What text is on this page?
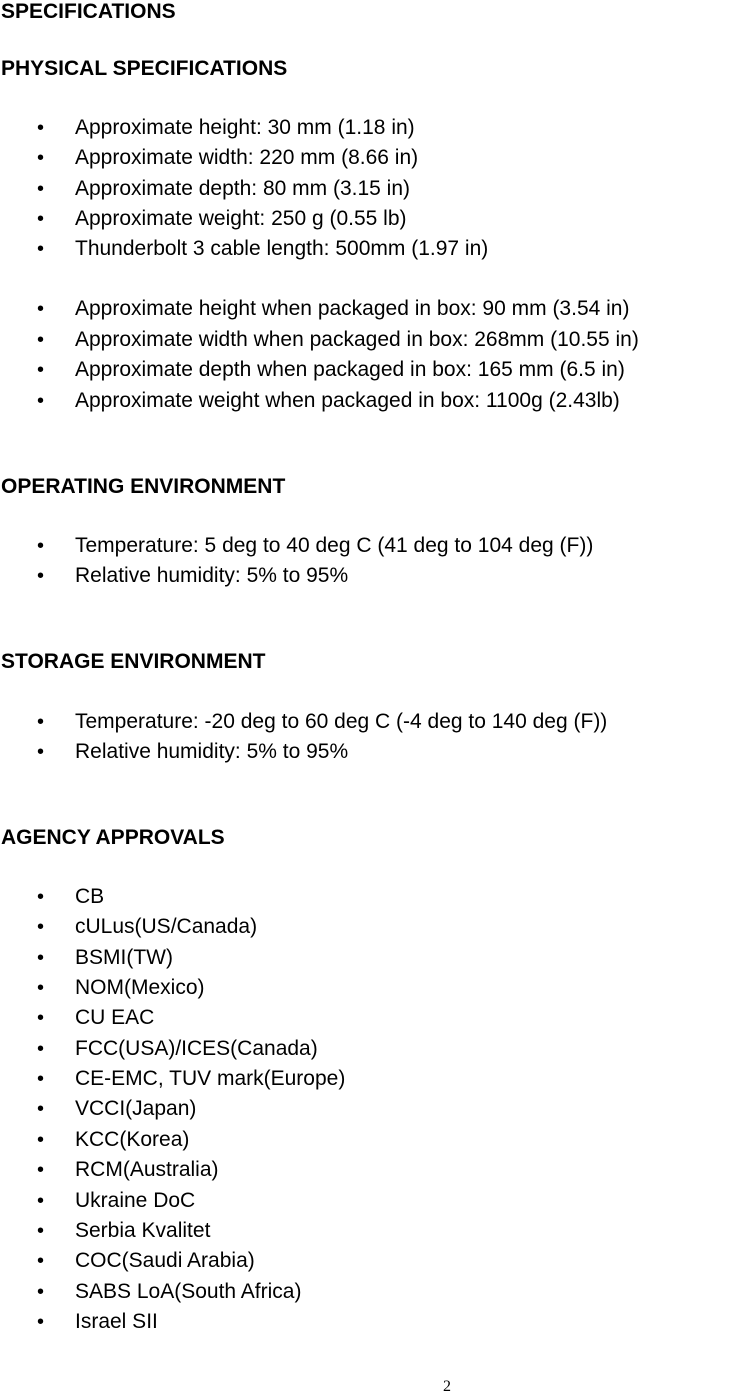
SPECIFICATIONS
PHYSICAL SPECIFICATIONS
• Approximate height: 30 mm (1.18 in)
• Approximate width: 220 mm (8.66 in)
• Approximate depth: 80 mm (3.15 in)
• Approximate weight: 250 g (0.55 lb)
• Thunderbolt 3 cable length: 500mm (1.97 in)
• Approximate height when packaged in box: 90 mm (3.54 in)
• Approximate width when packaged in box: 268mm (10.55 in)
• Approximate depth when packaged in box: 165 mm (6.5 in)
• Approximate weight when packaged in box: 1100g (2.43lb)
OPERATING ENVIRONMENT
• Temperature: 5 deg to 40 deg C (41 deg to 104 deg (F))
• Relative humidity: 5% to 95%
STORAGE ENVIRONMENT
• Temperature: -20 deg to 60 deg C (-4 deg to 140 deg (F))
• Relative humidity: 5% to 95%
AGENCY APPROVALS
• CB
• cULus(US/Canada)
• BSMI(TW)
• NOM(Mexico)
• CU EAC
• FCC(USA)/ICES(Canada)
• CE-EMC, TUV mark(Europe)
• VCCI(Japan)
• KCC(Korea)
• RCM(Australia)
• Ukraine DoC
• Serbia Kvalitet
• COC(Saudi Arabia)
• SABS LoA(South Africa)
• Israel SII
2
